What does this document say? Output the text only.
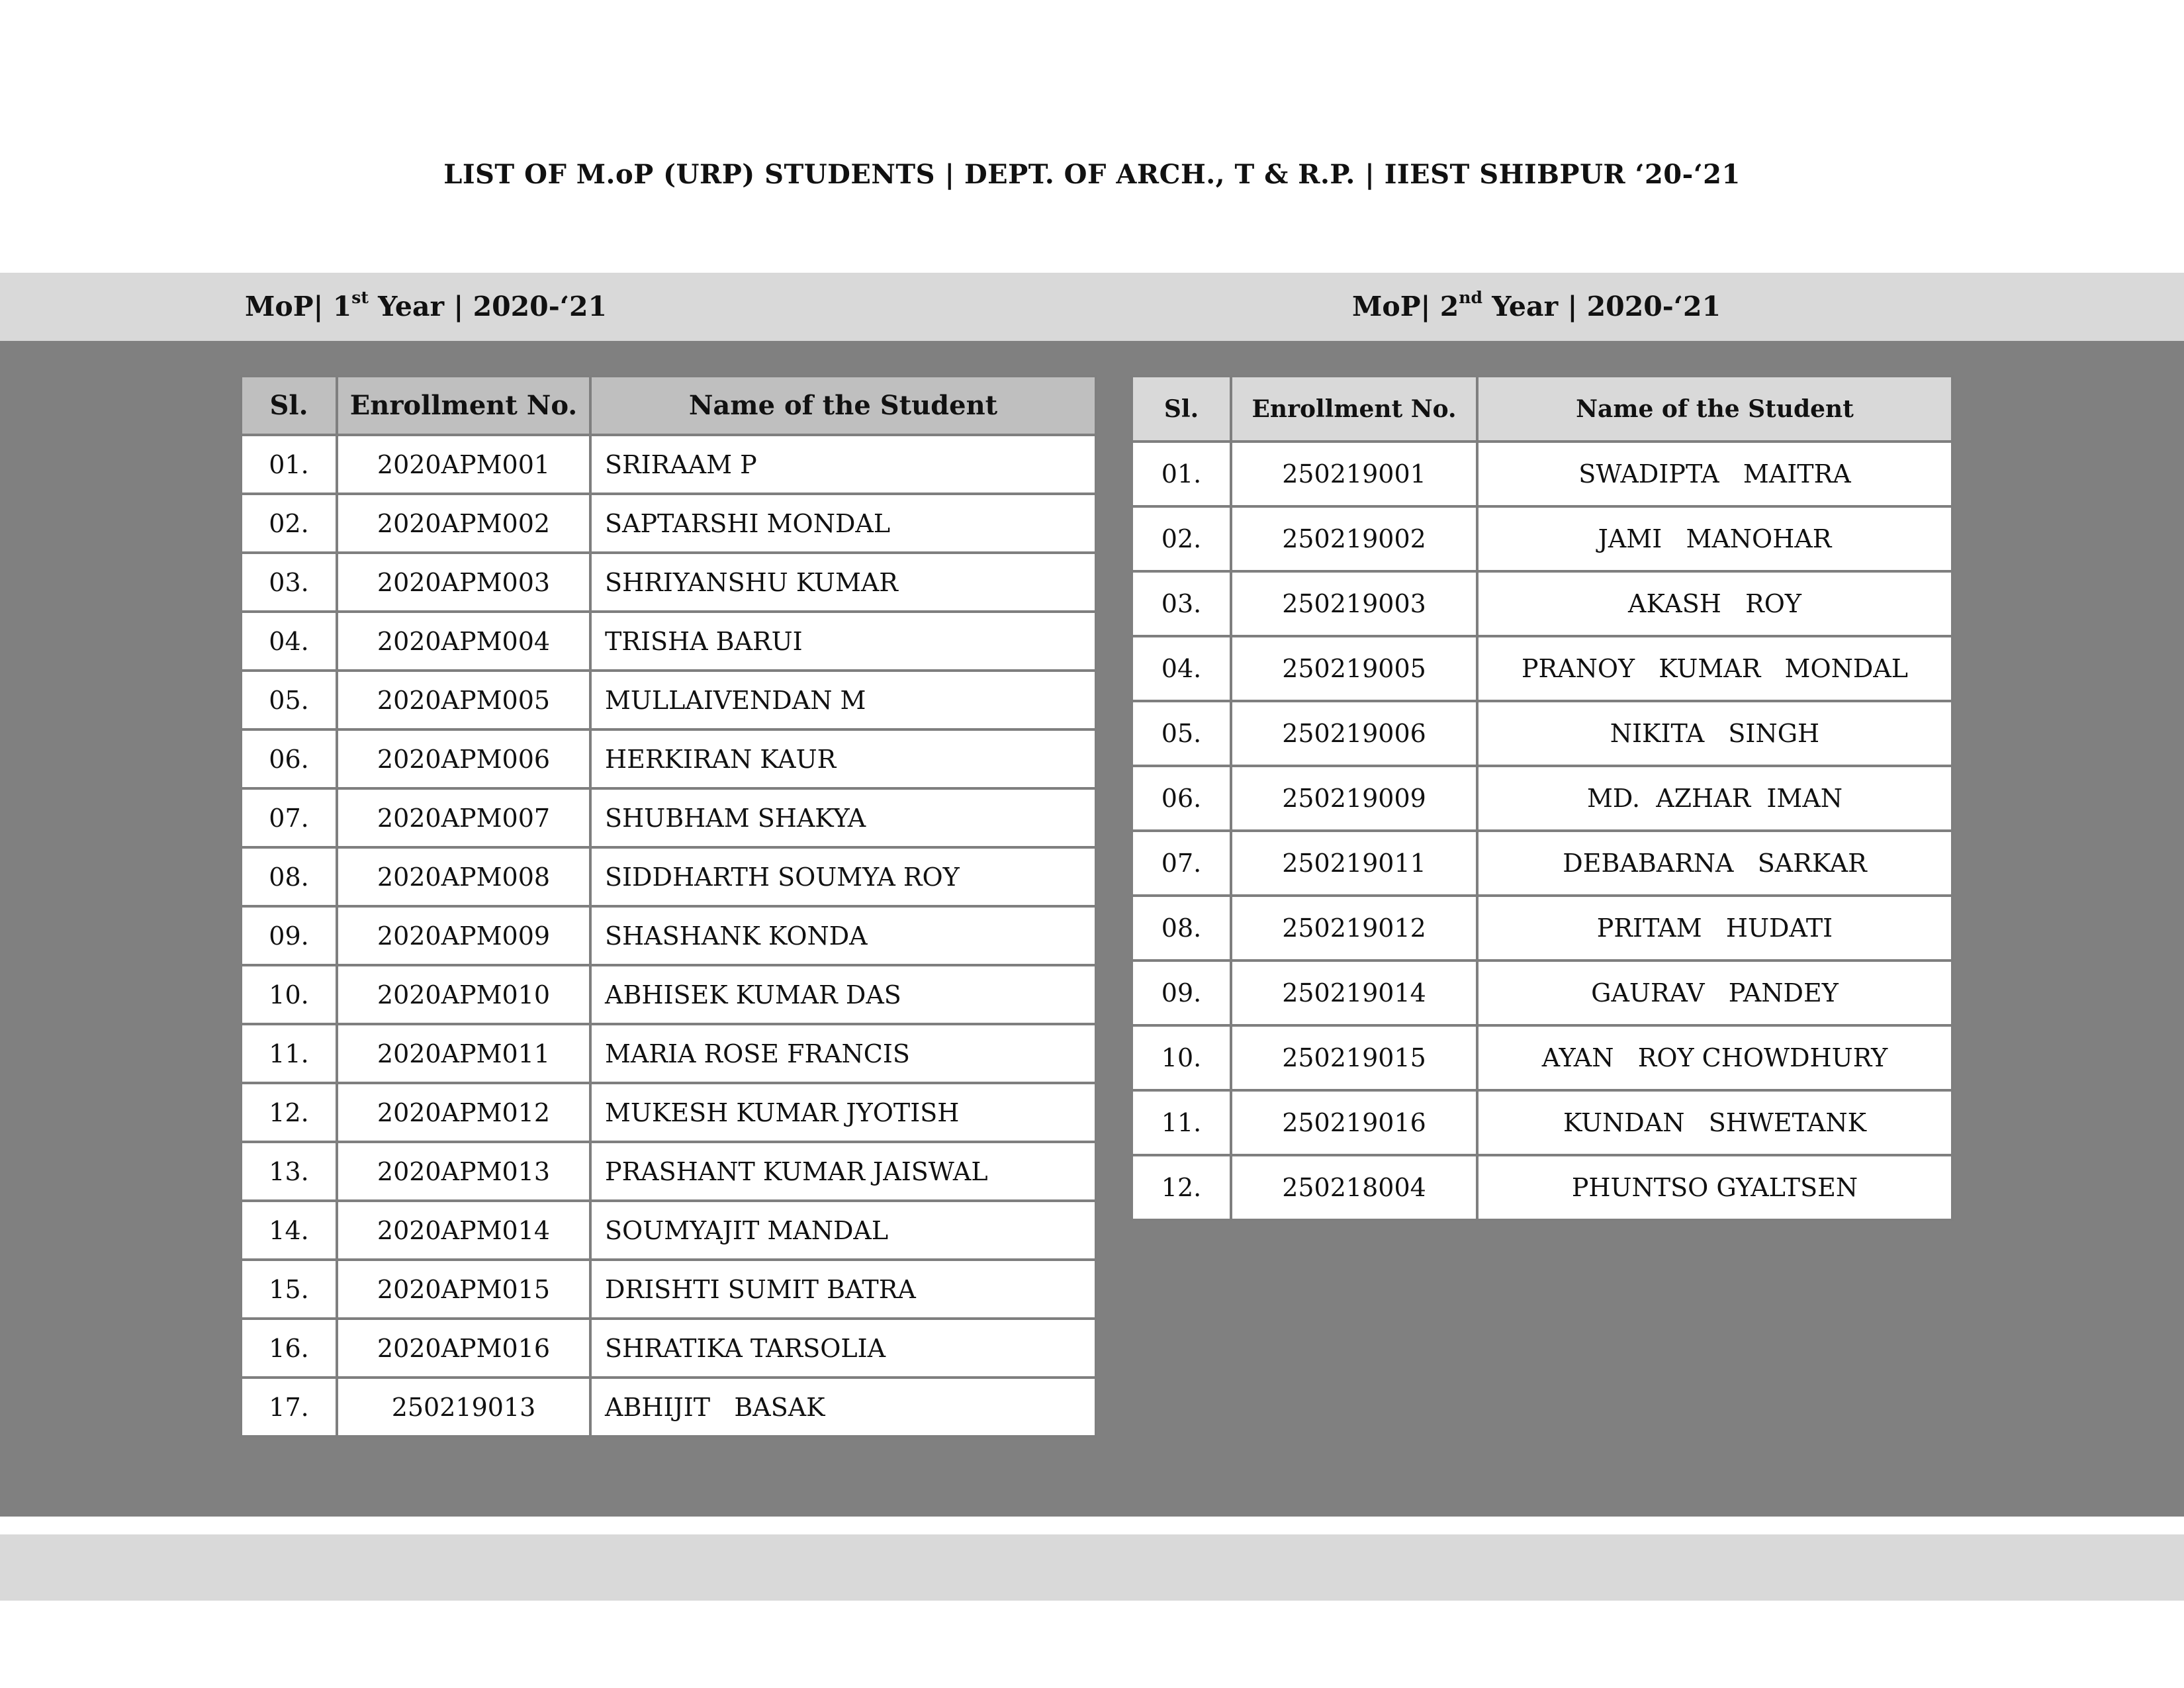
LIST OF M.oP (URP) STUDENTS | DEPT. OF ARCH., T & R.P. | IIEST SHIBPUR ‘20-‘21
MoP| 1st Year | 2020-‘21	MoP| 2nd Year | 2020-‘21
Sl.	Enrollment No.	Name of the Student
01.	2020APM001	SRIRAAM P
02.	2020APM002	SAPTARSHI MONDAL
03.	2020APM003	SHRIYANSHU KUMAR
04.	2020APM004	TRISHA BARUI
05.	2020APM005	MULLAIVENDAN M
06.	2020APM006	HERKIRAN KAUR
07.	2020APM007	SHUBHAM SHAKYA
08.	2020APM008	SIDDHARTH SOUMYA ROY
09.	2020APM009	SHASHANK KONDA
10.	2020APM010	ABHISEK KUMAR DAS
11.	2020APM011	MARIA ROSE FRANCIS
12.	2020APM012	MUKESH KUMAR JYOTISH
13.	2020APM013	PRASHANT KUMAR JAISWAL
14.	2020APM014	SOUMYAJIT MANDAL
15.	2020APM015	DRISHTI SUMIT BATRA
16.	2020APM016	SHRATIKA TARSOLIA
17.	250219013	ABHIJIT   BASAK
Sl.	Enrollment No.	Name of the Student
01.	250219001	SWADIPTA   MAITRA
02.	250219002	JAMI   MANOHAR
03.	250219003	AKASH   ROY
04.	250219005	PRANOY   KUMAR   MONDAL
05.	250219006	NIKITA   SINGH
06.	250219009	MD.  AZHAR  IMAN
07.	250219011	DEBABARNA   SARKAR
08.	250219012	PRITAM   HUDATI
09.	250219014	GAURAV   PANDEY
10.	250219015	AYAN   ROY CHOWDHURY
11.	250219016	KUNDAN   SHWETANK
12.	250218004	PHUNTSO GYALTSEN
